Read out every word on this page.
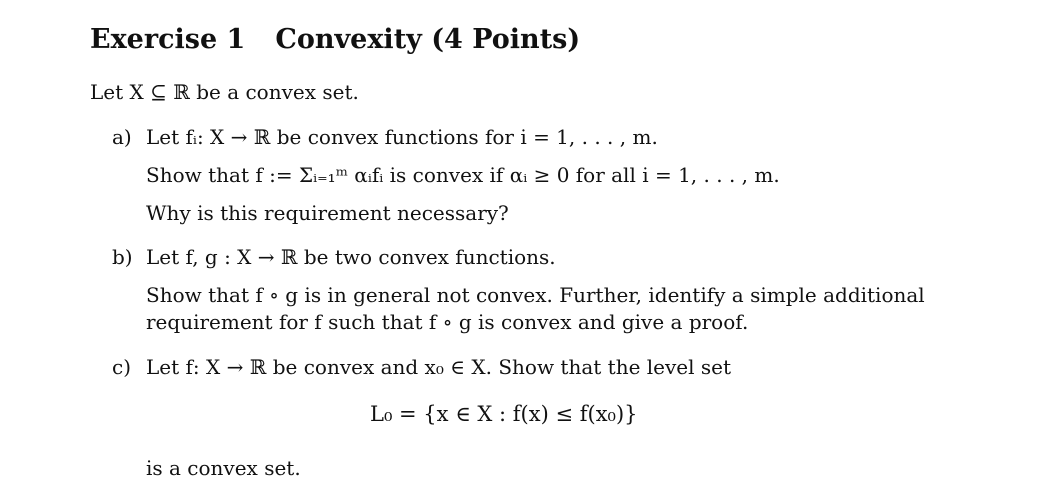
Exercise 1 Convexity (4 Points)
Let X ⊆ ℝ be a convex set.
a) Let fᵢ: X → ℝ be convex functions for i = 1, . . . , m.
Show that f := Σᵢ₌₁ᵐ αᵢfᵢ is convex if αᵢ ≥ 0 for all i = 1, . . . , m.
Why is this requirement necessary?
b) Let f, g : X → ℝ be two convex functions.
Show that f ∘ g is in general not convex. Further, identify a simple additional
requirement for f such that f ∘ g is convex and give a proof.
c) Let f: X → ℝ be convex and x₀ ∈ X. Show that the level set
L₀ = {x ∈ X : f(x) ≤ f(x₀)}
is a convex set.
